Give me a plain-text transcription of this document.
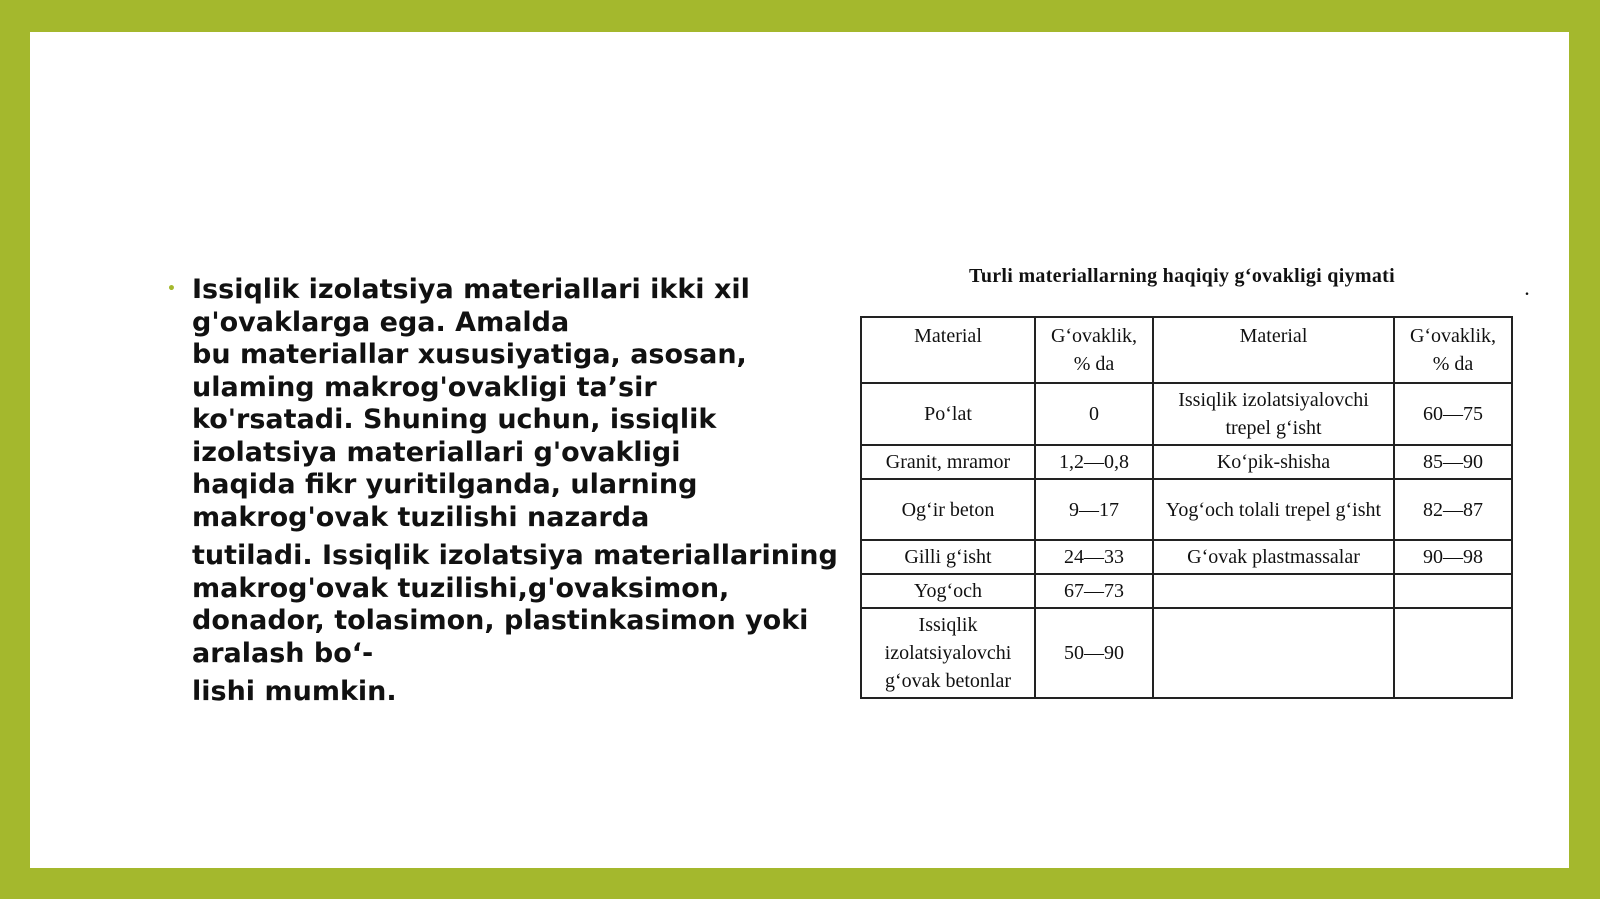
• Issiqlik izolatsiya materiallari ikki xil
g'ovaklarga ega. Amalda
bu materiallar xususiyatiga, asosan,
ulaming makrog'ovakligi ta’sir
ko'rsatadi. Shuning uchun, issiqlik
izolatsiya materiallari g'ovakligi
haqida fikr yuritilganda, ularning
makrog'ovak tuzilishi nazarda
tutiladi. Issiqlik izolatsiya materiallarining
makrog'ovak tuzilishi,g'ovaksimon,
donador, tolasimon, plastinkasimon yoki
aralash bo‘-
lishi mumkin.
Turli materiallarning haqiqiy g‘ovakligi qiymati
.
Material	G‘ovaklik, % da	Material	G‘ovaklik, % da
Po‘lat	0	Issiqlik izolatsiyalovchi trepel g‘isht	60—75
Granit, mramor	1,2—0,8	Ko‘pik-shisha	85—90
Og‘ir beton	9—17	Yog‘och tolali trepel g‘isht	82—87
Gilli g‘isht	24—33	G‘ovak plastmassalar	90—98
Yog‘och	67—73		
Issiqlik izolatsiyalovchi g‘ovak betonlar	50—90		
